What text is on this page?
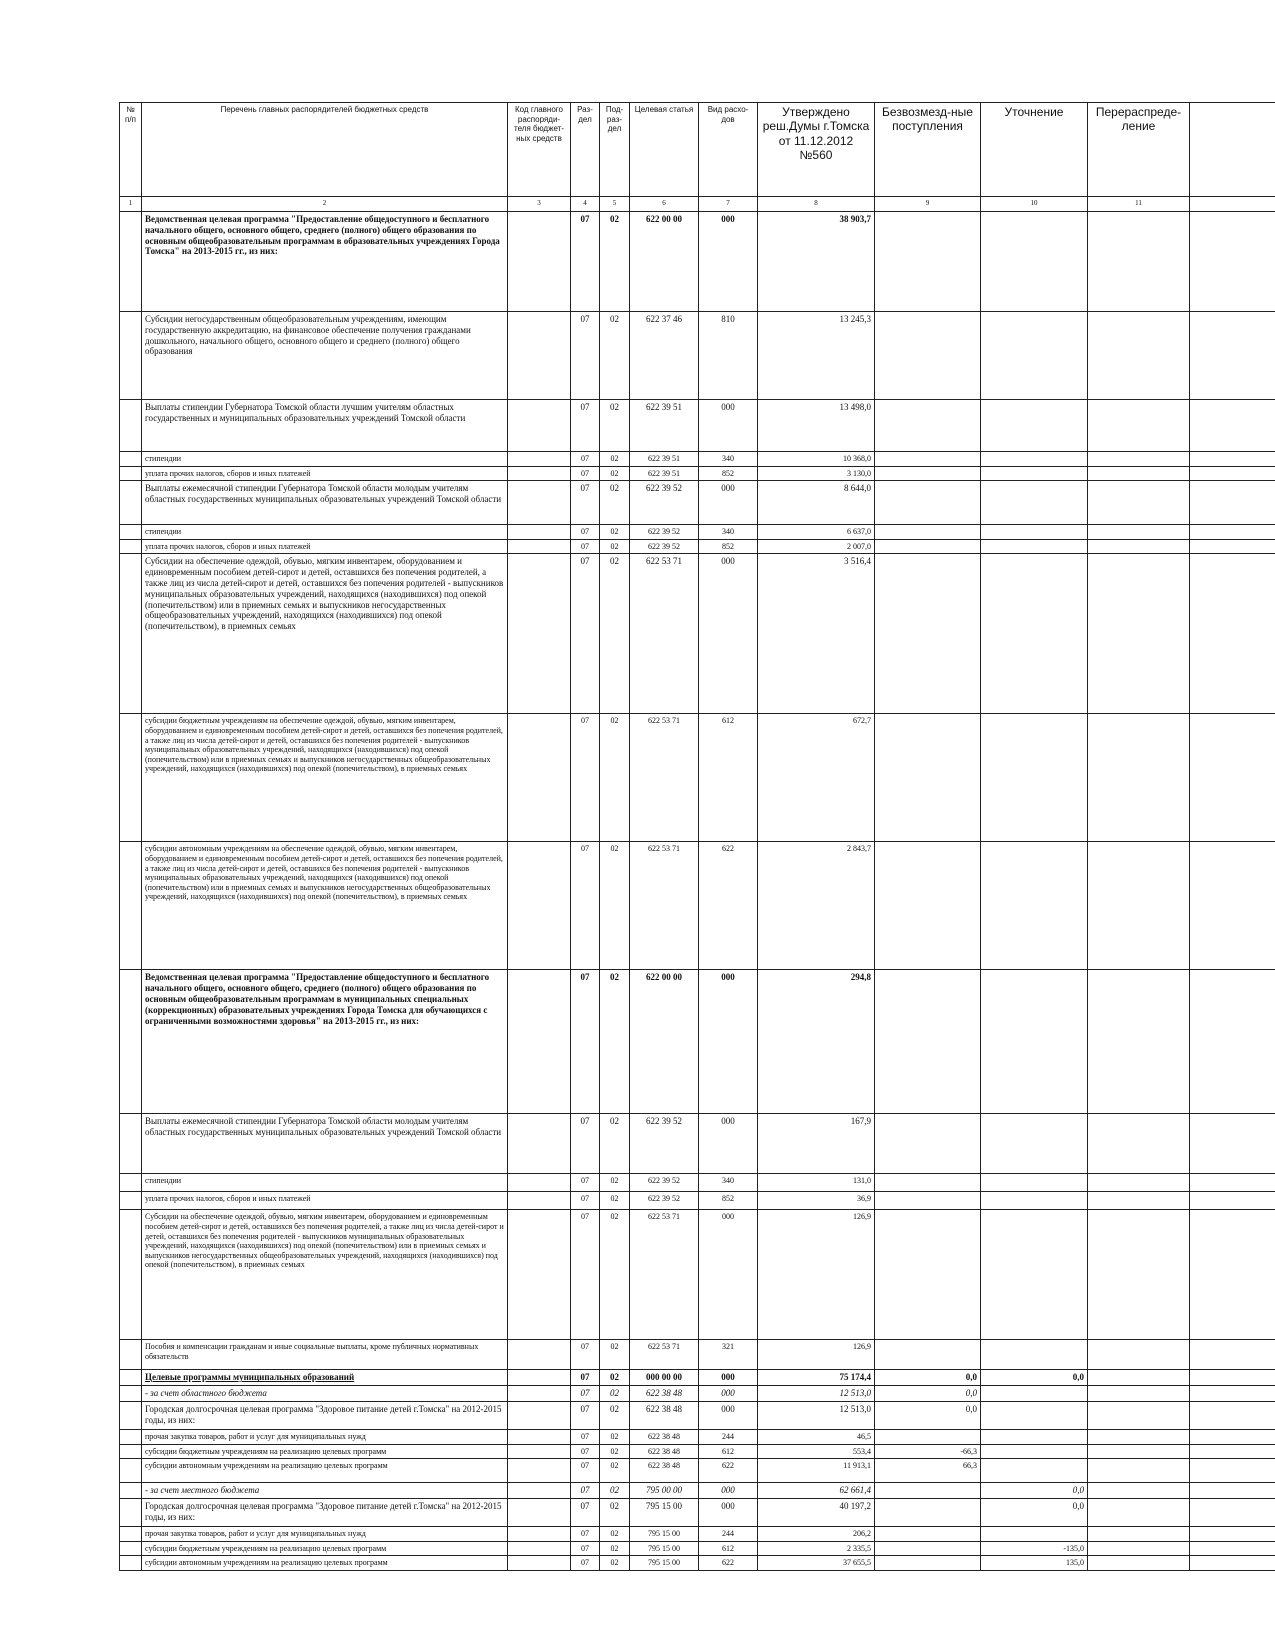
№ п/п	Перечень главных распорядителей бюджетных средств	Код главного распоряди-теля бюджет-ных средств	Раз-дел	Под-раз-дел	Целевая статья	Вид расхо-дов	Утверждено реш.Думы г.Томска от 11.12.2012 №560	Безвозмезд-ные поступления	Уточнение	Перераспреде-ление	
1	2	3	4	5	6	7	8	9	10	11	
	Ведомственная целевая программа "Предоставление общедоступного и бесплатного начального общего, основного общего, среднего (полного) общего образования по основным общеобразовательным программам в образовательных учреждениях Города Томска" на 2013-2015 гг., из них:		07	02	622 00 00	000	38 903,7				
	Субсидии негосударственным общеобразовательным учреждениям, имеющим государственную аккредитацию, на финансовое обеспечение получения гражданами дошкольного, начального общего, основного общего и среднего (полного) общего образования		07	02	622 37 46	810	13 245,3				
	Выплаты стипендии Губернатора Томской области лучшим учителям областных государственных и муниципальных образовательных учреждений Томской области		07	02	622 39 51	000	13 498,0				
	стипендии		07	02	622 39 51	340	10 368,0				
	уплата прочих налогов, сборов и иных платежей		07	02	622 39 51	852	3 130,0				
	Выплаты ежемесячной стипендии Губернатора Томской области молодым учителям областных государственных муниципальных образовательных учреждений Томской области		07	02	622 39 52	000	8 644,0				
	стипендии		07	02	622 39 52	340	6 637,0				
	уплата прочих налогов, сборов и иных платежей		07	02	622 39 52	852	2 007,0				
	Субсидии на обеспечение одеждой, обувью, мягким инвентарем, оборудованием и единовременным пособием детей-сирот и детей, оставшихся без попечения родителей, а также лиц из числа детей-сирот и детей, оставшихся без попечения родителей - выпускников муниципальных образовательных учреждений, находящихся (находившихся) под опекой (попечительством) или в приемных семьях и выпускников негосударственных общеобразовательных учреждений, находящихся (находившихся) под опекой (попечительством), в приемных семьях		07	02	622 53 71	000	3 516,4				
	субсидии бюджетным учреждениям на обеспечение одеждой, обувью, мягким инвентарем, оборудованием и единовременным пособием детей-сирот и детей, оставшихся без попечения родителей, а также лиц из числа детей-сирот и детей, оставшихся без попечения родителей - выпускников муниципальных образовательных учреждений, находящихся (находившихся) под опекой (попечительством) или в приемных семьях и выпускников негосударственных общеобразовательных учреждений, находящихся (находившихся) под опекой (попечительством), в приемных семьях		07	02	622 53 71	612	672,7				
	субсидии автономным учреждениям на обеспечение одеждой, обувью, мягким инвентарем, оборудованием и единовременным пособием детей-сирот и детей, оставшихся без попечения родителей, а также лиц из числа детей-сирот и детей, оставшихся без попечения родителей - выпускников муниципальных образовательных учреждений, находящихся (находившихся) под опекой (попечительством) или в приемных семьях и выпускников негосударственных общеобразовательных учреждений, находящихся (находившихся) под опекой (попечительством), в приемных семьях		07	02	622 53 71	622	2 843,7				
	Ведомственная целевая программа "Предоставление общедоступного и бесплатного начального общего, основного общего, среднего (полного) общего образования по основным общеобразовательным программам в муниципальных специальных (коррекционных) образовательных учреждениях Города Томска для обучающихся с ограниченными возможностями здоровья" на 2013-2015 гг., из них:		07	02	622 00 00	000	294,8				
	Выплаты ежемесячной стипендии Губернатора Томской области молодым учителям областных государственных муниципальных образовательных учреждений Томской области		07	02	622 39 52	000	167,9				
	стипендии		07	02	622 39 52	340	131,0				
	уплата прочих налогов, сборов и иных платежей		07	02	622 39 52	852	36,9				
	Субсидии на обеспечение одеждой, обувью, мягким инвентарем, оборудованием и единовременным пособием детей-сирот и детей, оставшихся без попечения родителей, а также лиц из числа детей-сирот и детей, оставшихся без попечения родителей - выпускников муниципальных образовательных учреждений, находящихся (находившихся) под опекой (попечительством) или в приемных семьях и выпускников негосударственных общеобразовательных учреждений, находящихся (находившихся) под опекой (попечительством), в приемных семьях		07	02	622 53 71	000	126,9				
	Пособия и компенсации гражданам и иные социальные выплаты, кроме публичных нормативных обязательств		07	02	622 53 71	321	126,9				
	Целевые программы муниципальных образований		07	02	000 00 00	000	75 174,4	0,0	0,0		
	- за счет областного бюджета		07	02	622 38 48	000	12 513,0	0,0			
	Городская долгосрочная целевая программа "Здоровое питание детей г.Томска" на 2012-2015 годы, из них:		07	02	622 38 48	000	12 513,0	0,0			
	прочая закупка товаров, работ и услуг для муниципальных нужд		07	02	622 38 48	244	46,5				
	субсидии бюджетным учреждениям на реализацию целевых программ		07	02	622 38 48	612	553,4	-66,3			
	субсидии автономным учреждениям на реализацию целевых программ		07	02	622 38 48	622	11 913,1	66,3			
	- за счет местного бюджета		07	02	795 00 00	000	62 661,4		0,0		
	Городская долгосрочная целевая программа "Здоровое питание детей г.Томска" на 2012-2015 годы, из них:		07	02	795 15 00	000	40 197,2		0,0		
	прочая закупка товаров, работ и услуг для муниципальных нужд		07	02	795 15 00	244	206,2				
	субсидии бюджетным учреждениям на реализацию целевых программ		07	02	795 15 00	612	2 335,5		-135,0		
	субсидии автономным учреждениям на реализацию целевых программ		07	02	795 15 00	622	37 655,5		135,0		
